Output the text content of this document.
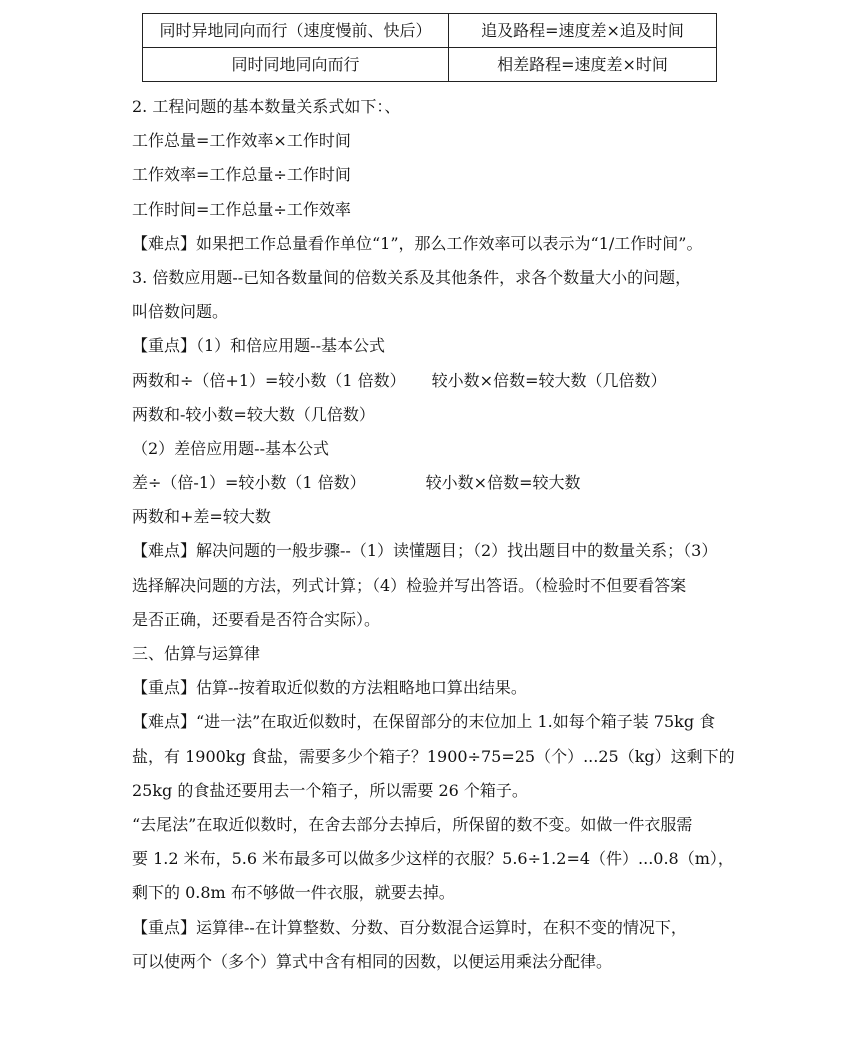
同时异地同向而行（速度慢前、快后）	追及路程=速度差×追及时间
同时同地同向而行	相差路程=速度差×时间

2. 工程问题的基本数量关系式如下：、

工作总量=工作效率×工作时间

工作效率=工作总量÷工作时间

工作时间=工作总量÷工作效率

【难点】如果把工作总量看作单位“1”，那么工作效率可以表示为“1/工作时间”。

3. 倍数应用题--已知各数量间的倍数关系及其他条件，求各个数量大小的问题，

叫倍数问题。

【重点】（1）和倍应用题--基本公式

两数和÷（倍+1）=较小数（1 倍数） 较小数×倍数=较大数（几倍数）

两数和-较小数=较大数（几倍数）

（2）差倍应用题--基本公式

差÷（倍-1）=较小数（1 倍数）	较小数×倍数=较大数

两数和+差=较大数

【难点】解决问题的一般步骤--（1）读懂题目；（2）找出题目中的数量关系；（3）

选择解决问题的方法，列式计算；（4）检验并写出答语。（检验时不但要看答案

是否正确，还要看是否符合实际）。

三、估算与运算律

【重点】估算--按着取近似数的方法粗略地口算出结果。

【难点】“进一法”在取近似数时，在保留部分的末位加上 1.如每个箱子装 75kg 食

盐，有 1900kg 食盐，需要多少个箱子？1900÷75=25（个）...25（kg）这剩下的

25kg 的食盐还要用去一个箱子，所以需要 26 个箱子。

“去尾法”在取近似数时，在舍去部分去掉后，所保留的数不变。如做一件衣服需

要 1.2 米布，5.6 米布最多可以做多少这样的衣服？5.6÷1.2=4（件）...0.8（m），

剩下的 0.8m 布不够做一件衣服，就要去掉。

【重点】运算律--在计算整数、分数、百分数混合运算时，在积不变的情况下，

可以使两个（多个）算式中含有相同的因数，以便运用乘法分配律。
